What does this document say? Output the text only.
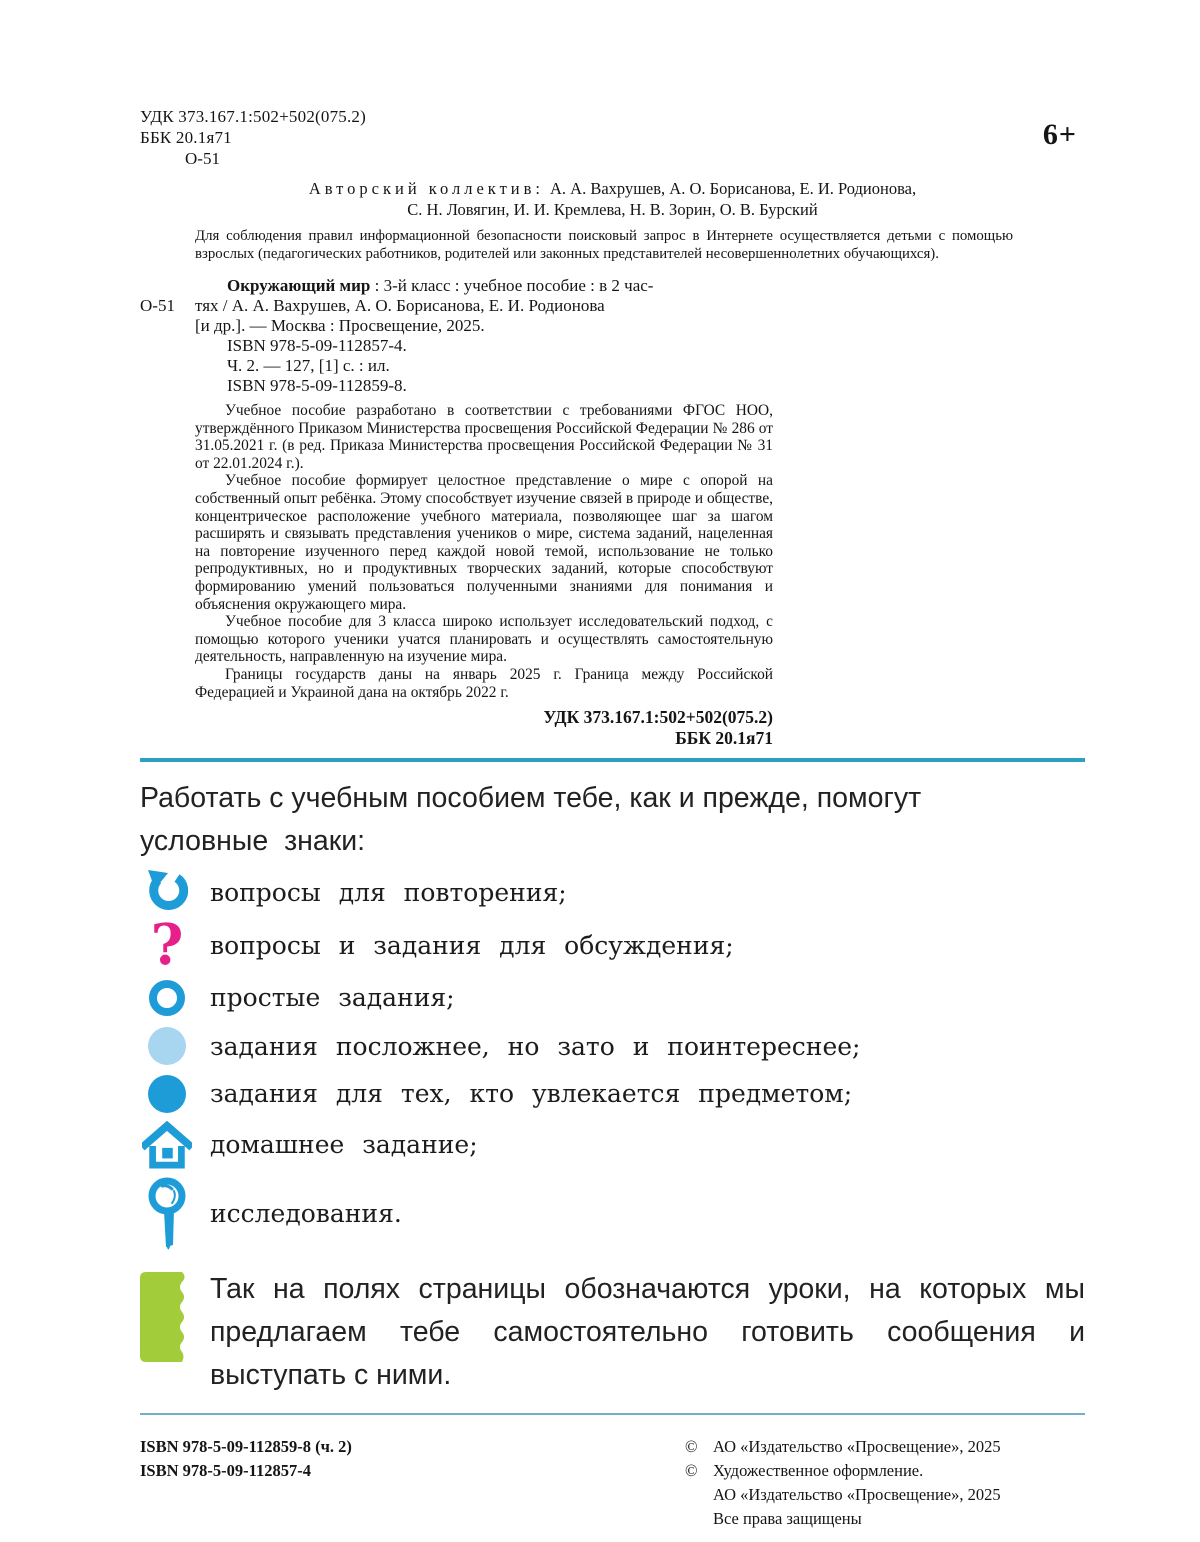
УДК 373.167.1:502+502(075.2)
ББК 20.1я71
О-51
6+
Авторский коллектив: А. А. Вахрушев, А. О. Борисанова, Е. И. Родионова,
С. Н. Ловягин, И. И. Кремлева, Н. В. Зорин, О. В. Бурский

Для соблюдения правил информационной безопасности поисковый запрос в Интернете осуществляется детьми с помощью взрослых (педагогических работников, родителей или законных представителей несовершеннолетних обучающихся).

О-51
Окружающий мир : 3-й класс : учебное пособие : в 2 час-
тях / А. А. Вахрушев, А. О. Борисанова, Е. И. Родионова
[и др.]. — Москва : Просвещение, 2025.
ISBN 978-5-09-112857-4.
Ч. 2. — 127, [1] с. : ил.
ISBN 978-5-09-112859-8.

Учебное пособие разработано в соответствии с требованиями ФГОС НОО, утверждённого Приказом Министерства просвещения Российской Федерации № 286 от 31.05.2021 г. (в ред. Приказа Министерства просвещения Российской Федерации № 31 от 22.01.2024 г.).

Учебное пособие формирует целостное представление о мире с опорой на собственный опыт ребёнка. Этому способствует изучение связей в природе и обществе, концентрическое расположение учебного материала, позволяющее шаг за шагом расширять и связывать представления учеников о мире, система заданий, нацеленная на повторение изученного перед каждой новой темой, использование не только репродуктивных, но и продуктивных творческих заданий, которые способствуют формированию умений пользоваться полученными знаниями для понимания и объяснения окружающего мира.

Учебное пособие для 3 класса широко использует исследовательский подход, с помощью которого ученики учатся планировать и осуществлять самостоятельную деятельность, направленную на изучение мира.

Границы государств даны на январь 2025 г. Граница между Российской Федерацией и Украиной дана на октябрь 2022 г.

УДК 373.167.1:502+502(075.2)
ББК 20.1я71
Работать с учебным пособием тебе, как и прежде, помогут
условные знаки:
вопросы для повторения;
?	вопросы и задания для обсуждения;
простые задания;
задания посложнее, но зато и поинтереснее;
задания для тех, кто увлекается предметом;
домашнее задание;
исследования.
Так на полях страницы обозначаются уроки, на которых мы предлагаем тебе самостоятельно готовить сообщения и выступать с ними.
ISBN 978-5-09-112859-8 (ч. 2)
ISBN 978-5-09-112857-4
© АО «Издательство «Просвещение», 2025
© Художественное оформление.
АО «Издательство «Просвещение», 2025
Все права защищены
